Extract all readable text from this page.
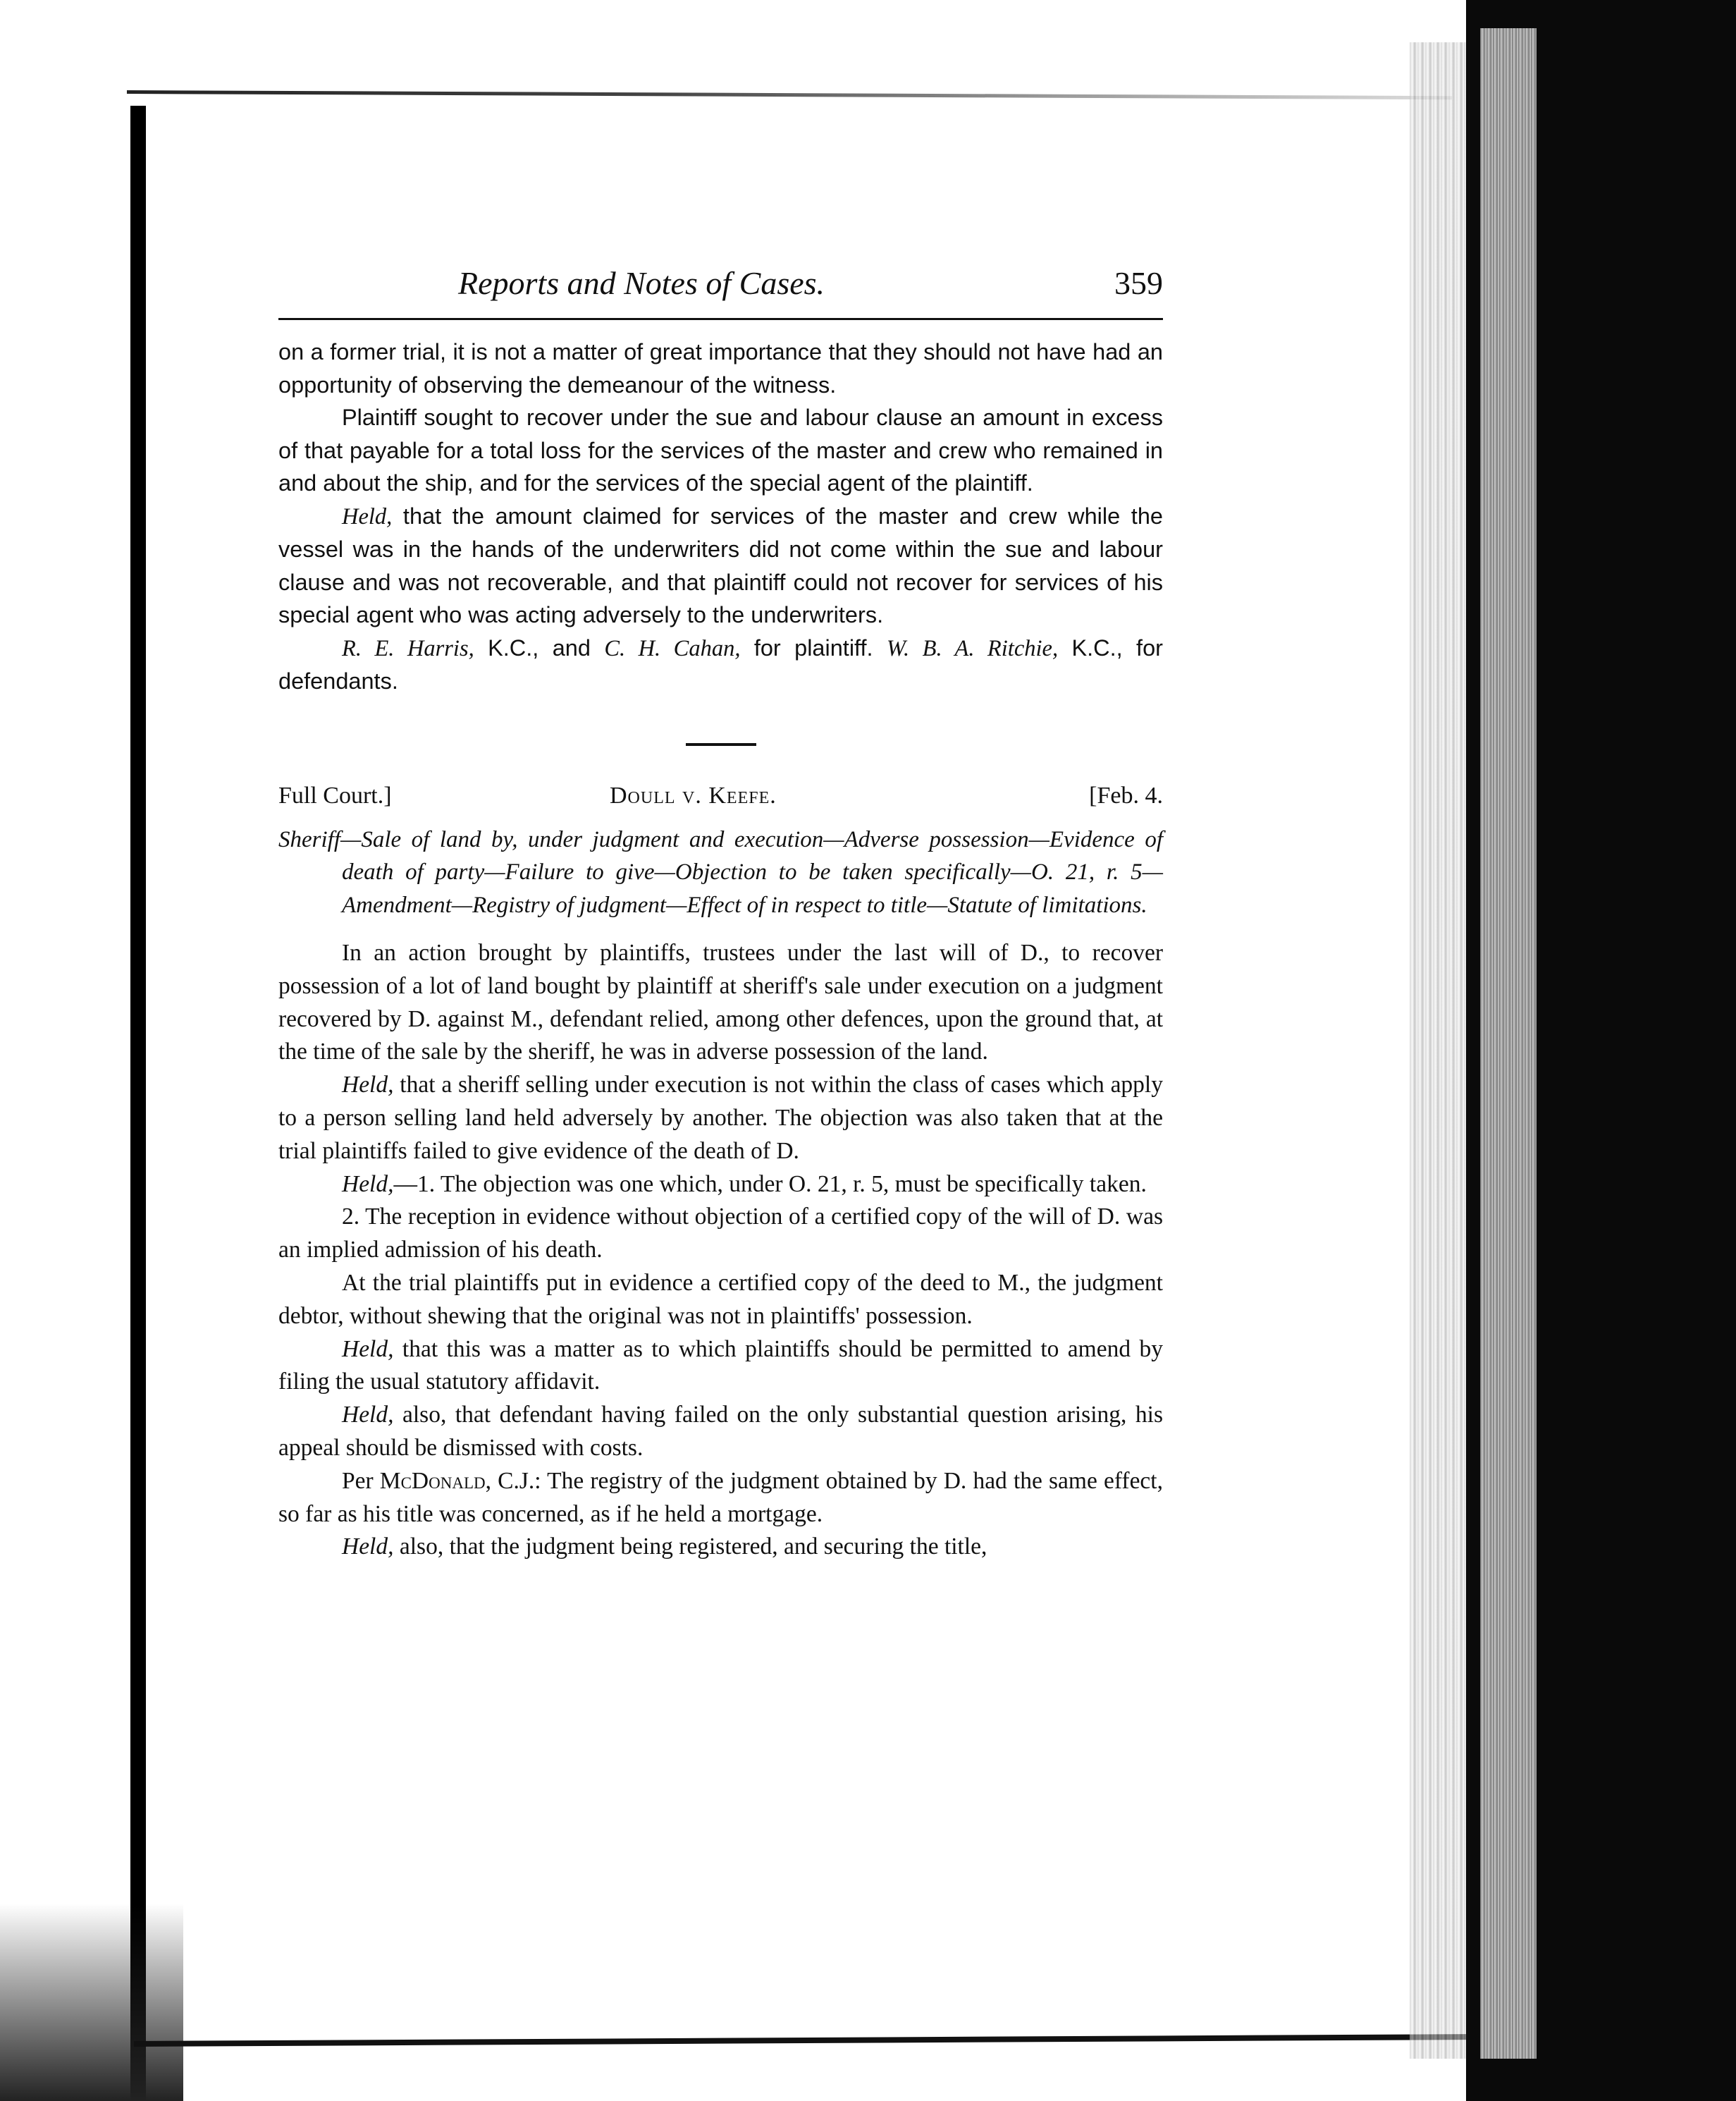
Reports and Notes of Cases.	359

on a former trial, it is not a matter of great importance that they should not have had an opportunity of observing the demeanour of the witness.

Plaintiff sought to recover under the sue and labour clause an amount in excess of that payable for a total loss for the services of the master and crew who remained in and about the ship, and for the services of the special agent of the plaintiff.

Held, that the amount claimed for services of the master and crew while the vessel was in the hands of the underwriters did not come within the sue and labour clause and was not recoverable, and that plaintiff could not recover for services of his special agent who was acting adversely to the underwriters.

R. E. Harris, K.C., and C. H. Cahan, for plaintiff. W. B. A. Ritchie, K.C., for defendants.

Full Court.]	Doull v. Keefe.	[Feb. 4.
Sheriff—Sale of land by, under judgment and execution—Adverse possession—Evidence of death of party—Failure to give—Objection to be taken specifically—O. 21, r. 5—Amendment—Registry of judgment—Effect of in respect to title—Statute of limitations.

In an action brought by plaintiffs, trustees under the last will of D., to recover possession of a lot of land bought by plaintiff at sheriff's sale under execution on a judgment recovered by D. against M., defendant relied, among other defences, upon the ground that, at the time of the sale by the sheriff, he was in adverse possession of the land.

Held, that a sheriff selling under execution is not within the class of cases which apply to a person selling land held adversely by another. The objection was also taken that at the trial plaintiffs failed to give evidence of the death of D.

Held,—1. The objection was one which, under O. 21, r. 5, must be specifically taken.

2. The reception in evidence without objection of a certified copy of the will of D. was an implied admission of his death.

At the trial plaintiffs put in evidence a certified copy of the deed to M., the judgment debtor, without shewing that the original was not in plaintiffs' possession.

Held, that this was a matter as to which plaintiffs should be permitted to amend by filing the usual statutory affidavit.

Held, also, that defendant having failed on the only substantial question arising, his appeal should be dismissed with costs.

Per McDonald, C.J.: The registry of the judgment obtained by D. had the same effect, so far as his title was concerned, as if he held a mortgage.

Held, also, that the judgment being registered, and securing the title,
